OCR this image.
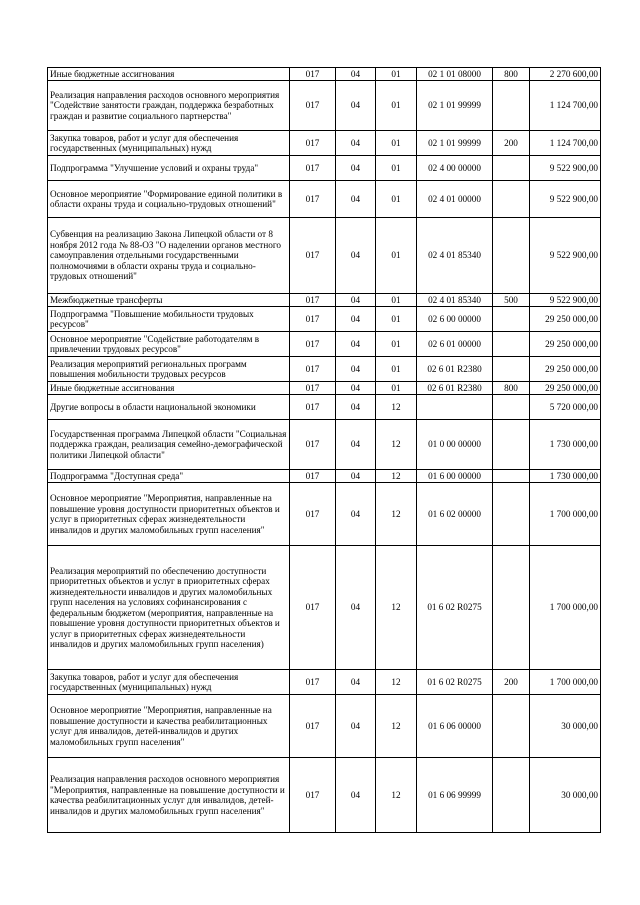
Иные бюджетные ассигнования	017	04	01	02 1 01 08000	800	2 270 600,00
Реализация направления расходов основного мероприятия "Содействие занятости граждан, поддержка безработных граждан и развитие социального партнерства"	017	04	01	02 1 01 99999		1 124 700,00
Закупка товаров, работ и услуг для обеспечения государственных (муниципальных) нужд	017	04	01	02 1 01 99999	200	1 124 700,00
Подпрограмма "Улучшение условий и охраны труда"	017	04	01	02 4 00 00000		9 522 900,00
Основное мероприятие "Формирование единой политики в области охраны труда и социально-трудовых отношений"	017	04	01	02 4 01 00000		9 522 900,00
Субвенция на реализацию Закона Липецкой области от 8 ноября 2012 года № 88-ОЗ "О наделении органов местного самоуправления отдельными государственными полномочиями в области охраны труда и социально-трудовых отношений"	017	04	01	02 4 01 85340		9 522 900,00
Межбюджетные трансферты	017	04	01	02 4 01 85340	500	9 522 900,00
Подпрограмма "Повышение мобильности трудовых ресурсов"	017	04	01	02 6 00 00000		29 250 000,00
Основное мероприятие "Содействие работодателям в привлечении трудовых ресурсов"	017	04	01	02 6 01 00000		29 250 000,00
Реализация мероприятий региональных программ повышения мобильности трудовых ресурсов	017	04	01	02 6 01 R2380		29 250 000,00
Иные бюджетные ассигнования	017	04	01	02 6 01 R2380	800	29 250 000,00
Другие вопросы в области национальной экономики	017	04	12			5 720 000,00
Государственная программа Липецкой области "Социальная поддержка граждан, реализация семейно-демографической политики Липецкой области"	017	04	12	01 0 00 00000		1 730 000,00
Подпрограмма "Доступная среда"	017	04	12	01 6 00 00000		1 730 000,00
Основное мероприятие "Мероприятия, направленные на повышение уровня доступности приоритетных объектов и услуг в приоритетных сферах жизнедеятельности инвалидов и других маломобильных групп населения"	017	04	12	01 6 02 00000		1 700 000,00
Реализация мероприятий по обеспечению доступности приоритетных объектов и услуг в приоритетных сферах жизнедеятельности инвалидов и других маломобильных групп населения на условиях софинансирования с федеральным бюджетом (мероприятия, направленные на повышение уровня доступности приоритетных объектов и услуг в приоритетных сферах жизнедеятельности инвалидов и других маломобильных групп населения)	017	04	12	01 6 02 R0275		1 700 000,00
Закупка товаров, работ и услуг для обеспечения государственных (муниципальных) нужд	017	04	12	01 6 02 R0275	200	1 700 000,00
Основное мероприятие "Мероприятия, направленные на повышение доступности и качества реабилитационных услуг для инвалидов, детей-инвалидов и других маломобильных групп населения"	017	04	12	01 6 06 00000		30 000,00
Реализация направления расходов основного мероприятия "Мероприятия, направленные на повышение доступности и качества реабилитационных услуг для инвалидов, детей-инвалидов и других маломобильных групп населения"	017	04	12	01 6 06 99999		30 000,00
